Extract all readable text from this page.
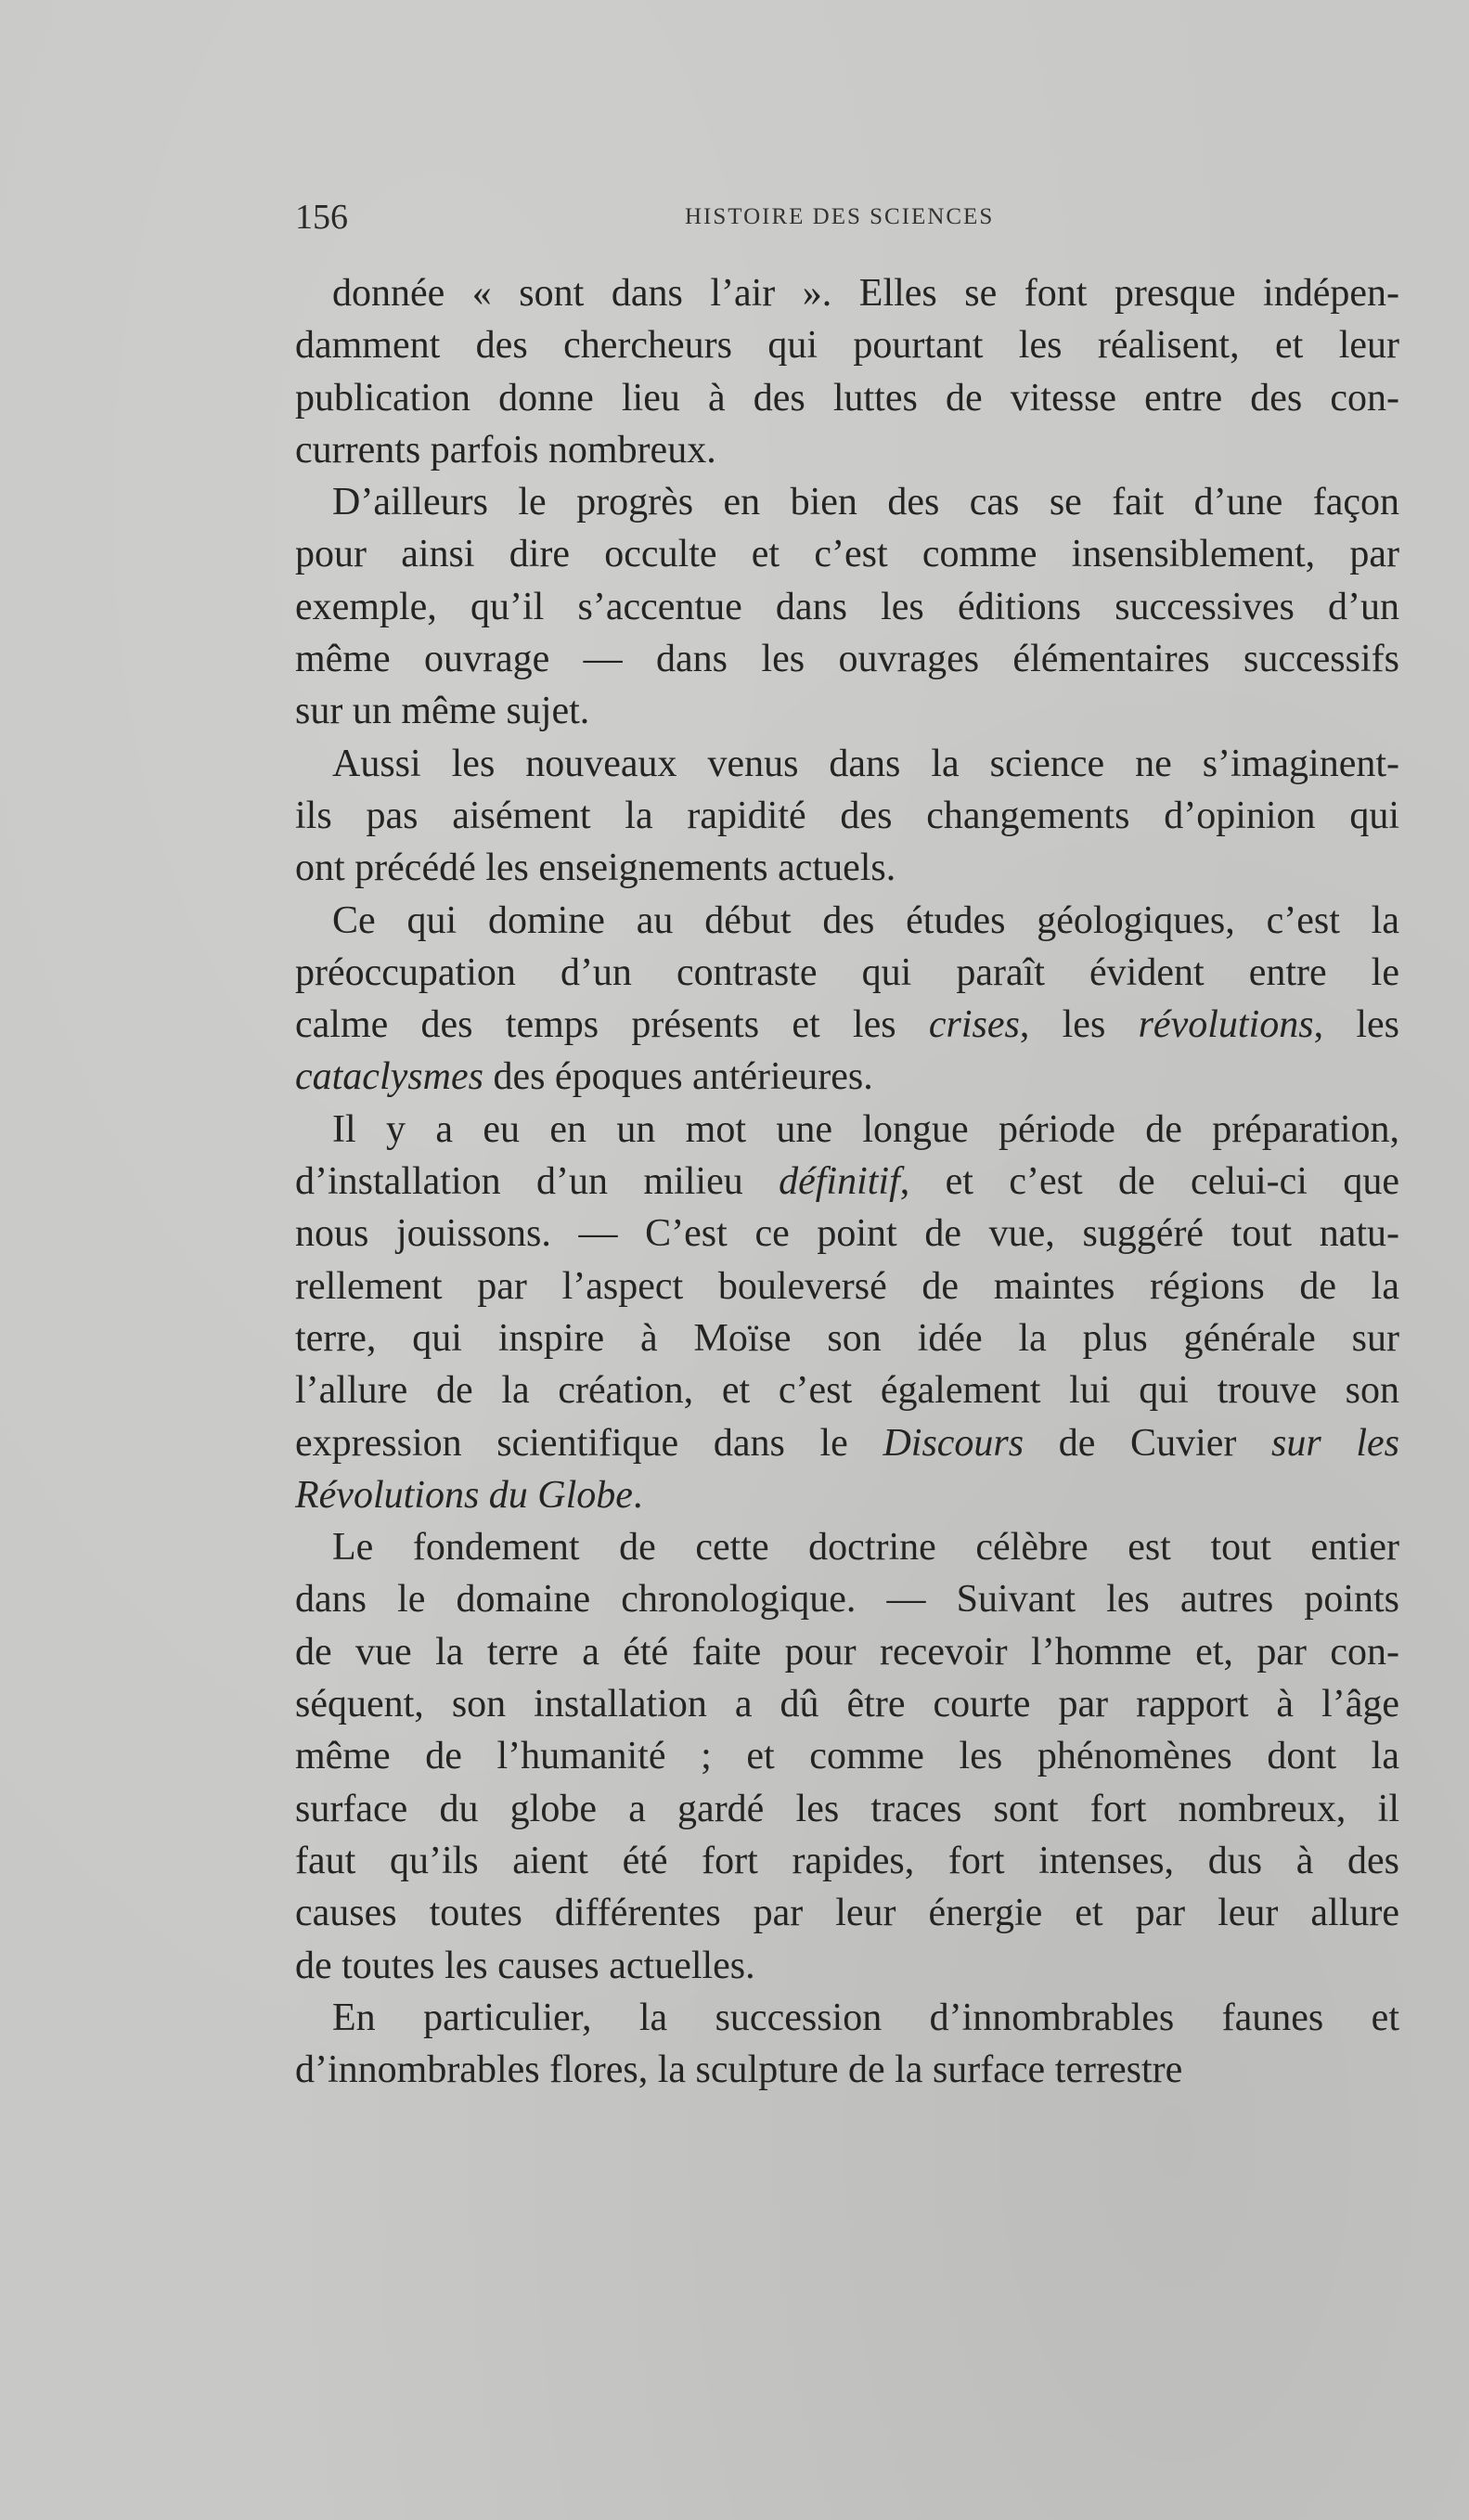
156	HISTOIRE DES SCIENCES
donnée « sont dans l’air ». Elles se font presque indépen-
damment des chercheurs qui pourtant les réalisent, et leur
publication donne lieu à des luttes de vitesse entre des con-
currents parfois nombreux.
D’ailleurs le progrès en bien des cas se fait d’une façon
pour ainsi dire occulte et c’est comme insensiblement, par
exemple, qu’il s’accentue dans les éditions successives d’un
même ouvrage — dans les ouvrages élémentaires successifs
sur un même sujet.
Aussi les nouveaux venus dans la science ne s’imaginent-
ils pas aisément la rapidité des changements d’opinion qui
ont précédé les enseignements actuels.
Ce qui domine au début des études géologiques, c’est la
préoccupation d’un contraste qui paraît évident entre le
calme des temps présents et les crises, les révolutions, les
cataclysmes des époques antérieures.
Il y a eu en un mot une longue période de préparation,
d’installation d’un milieu définitif, et c’est de celui-ci que
nous jouissons. — C’est ce point de vue, suggéré tout natu-
rellement par l’aspect bouleversé de maintes régions de la
terre, qui inspire à Moïse son idée la plus générale sur
l’allure de la création, et c’est également lui qui trouve son
expression scientifique dans le Discours de Cuvier sur les
Révolutions du Globe.
Le fondement de cette doctrine célèbre est tout entier
dans le domaine chronologique. — Suivant les autres points
de vue la terre a été faite pour recevoir l’homme et, par con-
séquent, son installation a dû être courte par rapport à l’âge
même de l’humanité ; et comme les phénomènes dont la
surface du globe a gardé les traces sont fort nombreux, il
faut qu’ils aient été fort rapides, fort intenses, dus à des
causes toutes différentes par leur énergie et par leur allure
de toutes les causes actuelles.
En particulier, la succession d’innombrables faunes et
d’innombrables flores, la sculpture de la surface terrestre
